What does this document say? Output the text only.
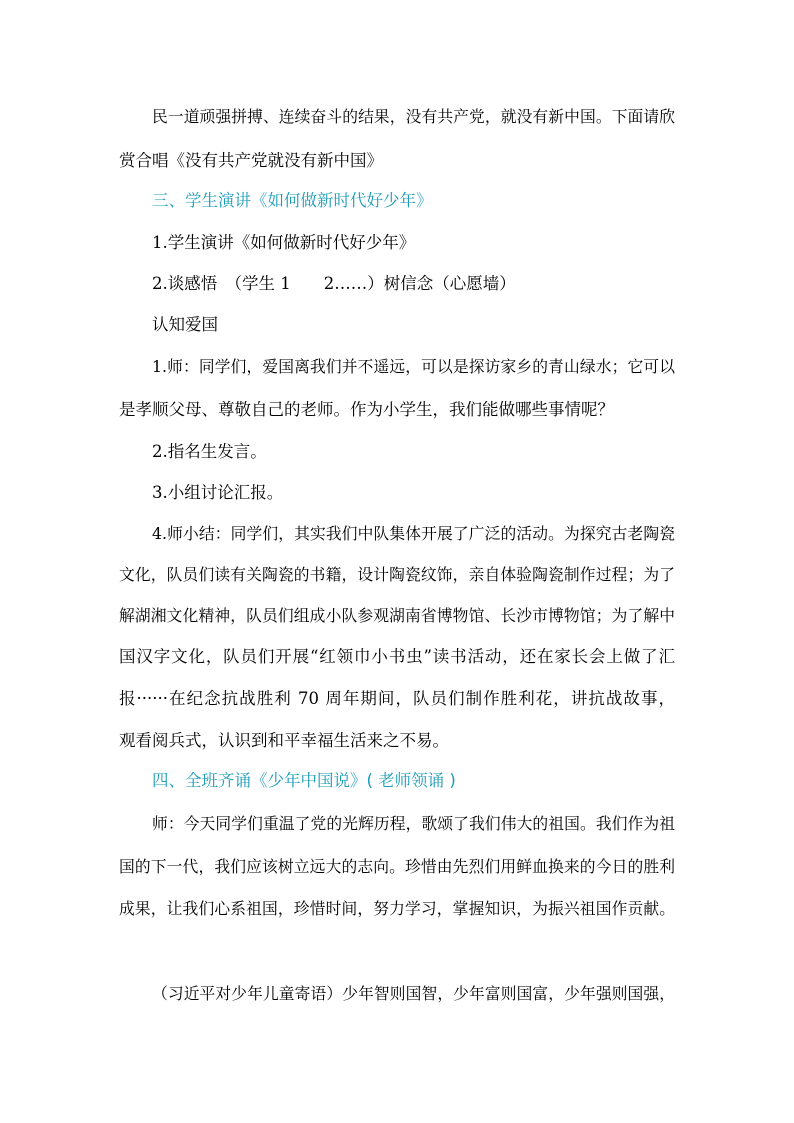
民一道顽强拼搏、连续奋斗的结果，没有共产党，就没有新中国。下面请欣
赏合唱《没有共产党就没有新中国》
三、学生演讲《如何做新时代好少年》
1.学生演讲《如何做新时代好少年》
2.谈感悟　（学生 1　　2……）树信念（心愿墙）
认知爱国
1.师：同学们，爱国离我们并不遥远，可以是探访家乡的青山绿水；它可以
是孝顺父母、尊敬自己的老师。作为小学生，我们能做哪些事情呢？
2.指名生发言。
3.小组讨论汇报。
4.师小结：同学们，其实我们中队集体开展了广泛的活动。为探究古老陶瓷
文化，队员们读有关陶瓷的书籍，设计陶瓷纹饰，亲自体验陶瓷制作过程；为了
解湖湘文化精神，队员们组成小队参观湖南省博物馆、长沙市博物馆；为了解中
国汉字文化，队员们开展“红领巾小书虫”读书活动，还在家长会上做了汇
报······在纪念抗战胜利 70 周年期间，队员们制作胜利花，讲抗战故事，
观看阅兵式，认识到和平幸福生活来之不易。
四、全班齐诵《少年中国说》( 老师领诵 )
师：今天同学们重温了党的光辉历程，歌颂了我们伟大的祖国。我们作为祖
国的下一代，我们应该树立远大的志向。珍惜由先烈们用鲜血换来的今日的胜利
成果，让我们心系祖国，珍惜时间，努力学习，掌握知识，为振兴祖国作贡献。
（习近平对少年儿童寄语）少年智则国智，少年富则国富，少年强则国强，
